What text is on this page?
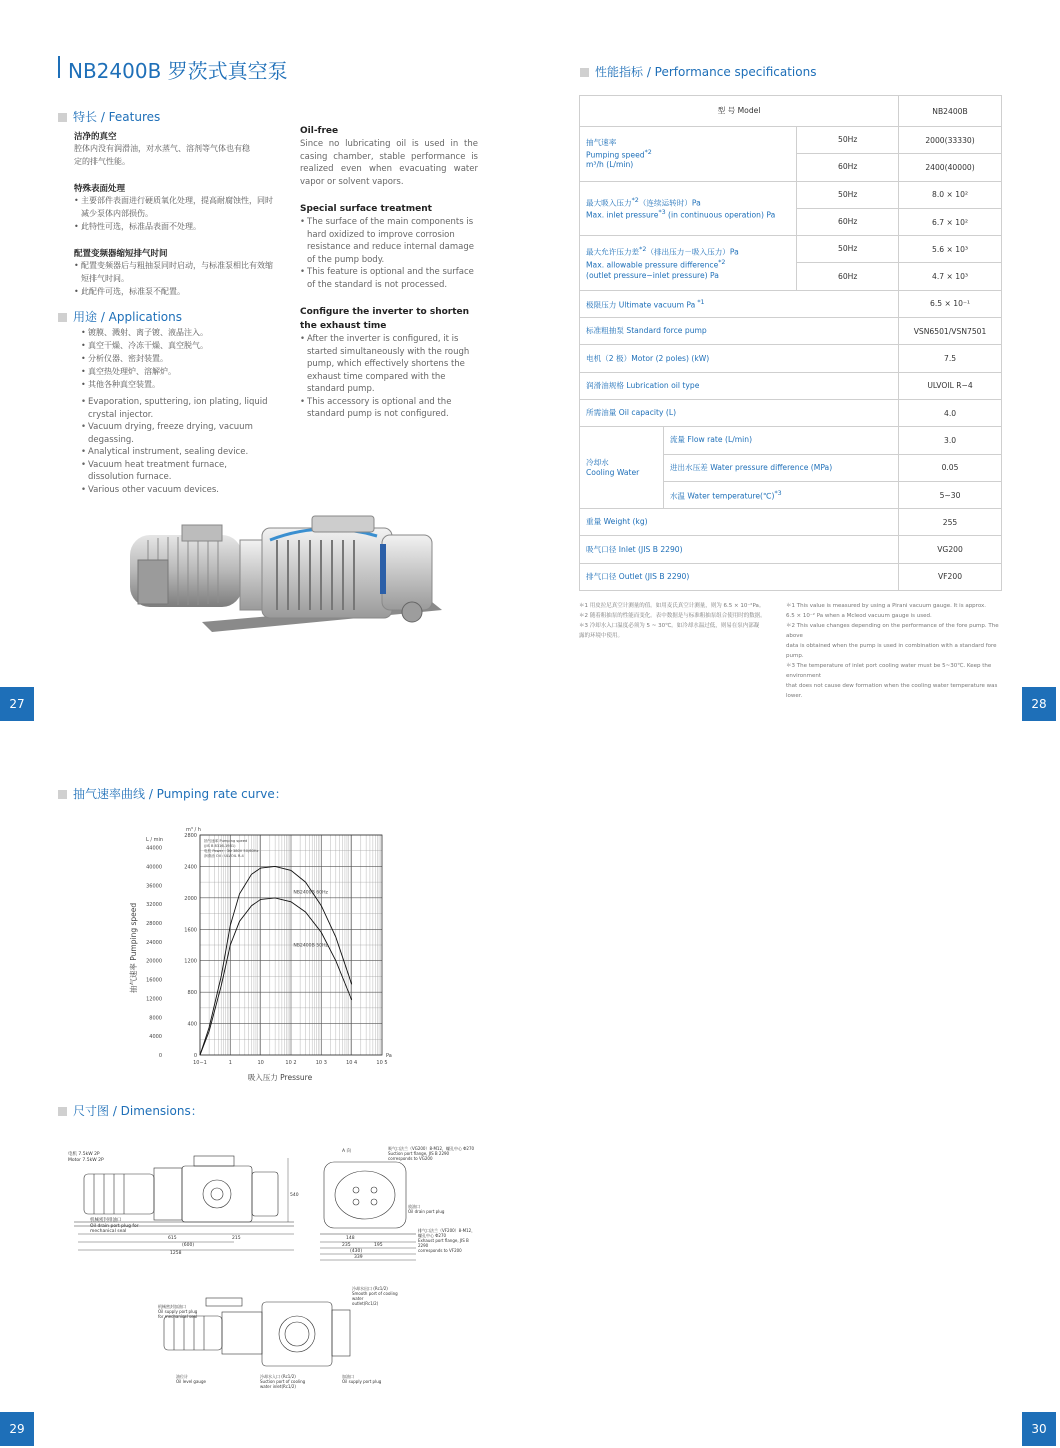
NB2400B 罗茨式真空泵
特长 / Features
洁净的真空
腔体内没有润滑油，对水蒸气、溶剂等气体也有稳
定的排气性能。
特殊表面处理
• 主要部件表面进行硬质氧化处理，提高耐腐蚀性，同时减少泵体内部损伤。
• 此特性可选，标准品表面不处理。
配置变频器缩短排气时间
• 配置变频器后与粗抽泵同时启动，与标准泵相比有效缩短排气时间。
• 此配件可选，标准泵不配置。
Oil-free
Since no lubricating oil is used in the casing chamber, stable performance is realized even when evacuating water vapor or solvent vapors.
Special surface treatment
• The surface of the main components is hard oxidized to improve corrosion resistance and reduce internal damage of the pump body.
• This feature is optional and the surface of the standard is not processed.
Configure the inverter to shorten the exhaust time
• After the inverter is configured, it is started simultaneously with the rough pump, which effectively shortens the exhaust time compared with the standard pump.
• This accessory is optional and the standard pump is not configured.
用途 / Applications
• 镀膜、溅射、离子镀、液晶注入。
• 真空干燥、冷冻干燥、真空脱气。
• 分析仪器、密封装置。
• 真空热处理炉、溶解炉。
• 其他各种真空装置。
• Evaporation, sputtering, ion plating, liquid crystal injector.
• Vacuum drying, freeze drying, vacuum degassing.
• Analytical instrument, sealing device.
• Vacuum heat treatment furnace, dissolution furnace.
• Various other vacuum devices.
27	28
29	30
性能指标 / Performance specifications
型 号 Model			NB2400B
抽气速率
Pumping speed$^{*2}$
m³/h (L/min)		50Hz	2000(33330)
		60Hz	2400(40000)
最大吸入压力$^{*2}$（连续运转时）Pa
Max. inlet pressure$^{*3}$ (in continuous operation) Pa		50Hz	8.0 × 10²
		60Hz	6.7 × 10²
最大允许压力差$^{*2}$（排出压力－吸入压力）Pa
Max. allowable pressure difference$^{*2}$
(outlet pressure−inlet pressure) Pa		50Hz	5.6 × 10³
		60Hz	4.7 × 10³
极限压力 Ultimate vacuum Pa $^{*1}$			6.5 × 10⁻¹
标准粗抽泵 Standard force pump			VSN6501/VSN7501
电机（2 极）Motor (2 poles) (kW)			7.5
润滑油规格 Lubrication oil type			ULVOIL R−4
所需油量 Oil capacity (L)			4.0
冷却水
Cooling Water	流量 Flow rate (L/min)		3.0
	进出水压差 Water pressure difference (MPa)		0.05
	水温 Water temperature(℃)$^{*3}$		5~30
重量 Weight (kg)			255
吸气口径 Inlet (JIS B 2290)			VG200
排气口径 Outlet (JIS B 2290)			VF200
＊1 用皮拉尼真空计测量的值。如用麦氏真空计测量，则为 6.5 × 10⁻²Pa。
＊2 随着粗抽泵的性能而变化。表中数据是与标准粗抽泵组合使用时的数据。
＊3 冷却水入口温度必须为 5 ~ 30℃。如冷却水温过低，则易在泵内部凝
露的环境中使用。
＊1 This value is measured by using a Pirani vacuum gauge. It is approx.
6.5 × 10⁻² Pa when a Mcleod vacuum gauge is used.
＊2 This value changes depending on the performance of the fore pump. The above
data is obtained when the pump is used in combination with a standard fore pump.
＊3 The temperature of inlet port cooling water must be 5~30℃. Keep the environment
that does not cause dew formation when the cooling water temperature was lower.
抽气速率曲线 / Pumping rate curve：
0
4000
8000
12000
16000
20000
24000
28000
32000
36000
40000
44000
0
400
800
1200
1600
2000
2400
2800
10−1	1	10	10 2	10 3	10 4	10 5
NB2400B 60Hz
NB2400B 50Hz
L / min
m³ / h
Pa
吸入压力 Pressure
抽气速率 Pumping speed
抽气速率 Pumping speed
(JIS B 8316-1981)
电机 Power : 3Φ 380V 50/60Hz
润滑油 Oil : ULVOIL R-4
尺寸图 / Dimensions：
电机 7.5kW 2P
Motor 7.5kW 2P
机械密封排油口
Oil drain port plug for
mechanical seal
615	215
(600)
1258
540
A 向
吸气口法兰（VG200）8-M12，螺孔中心 Φ270
Suction port flange, JIS B 2290
corresponds to VG200
放油口
Oil drain port plug
排气口法兰（VF200）8-M12，
螺孔中心 Φ270
Exhaust port flange, JIS B 2290
corresponds to VF200
148
195
235
(430)
339
机械密封加油口
Oil supply port plug
for mechanical seal
油位计
Oil level gauge
冷却水入口 (Rc1/2)
Suction port of cooling
water inlet(Rc1/2)
加油口
Oil supply port plug
冷却水出口 (Rc1/2)
Smooth port of cooling water
outlet(Rc1/2)
